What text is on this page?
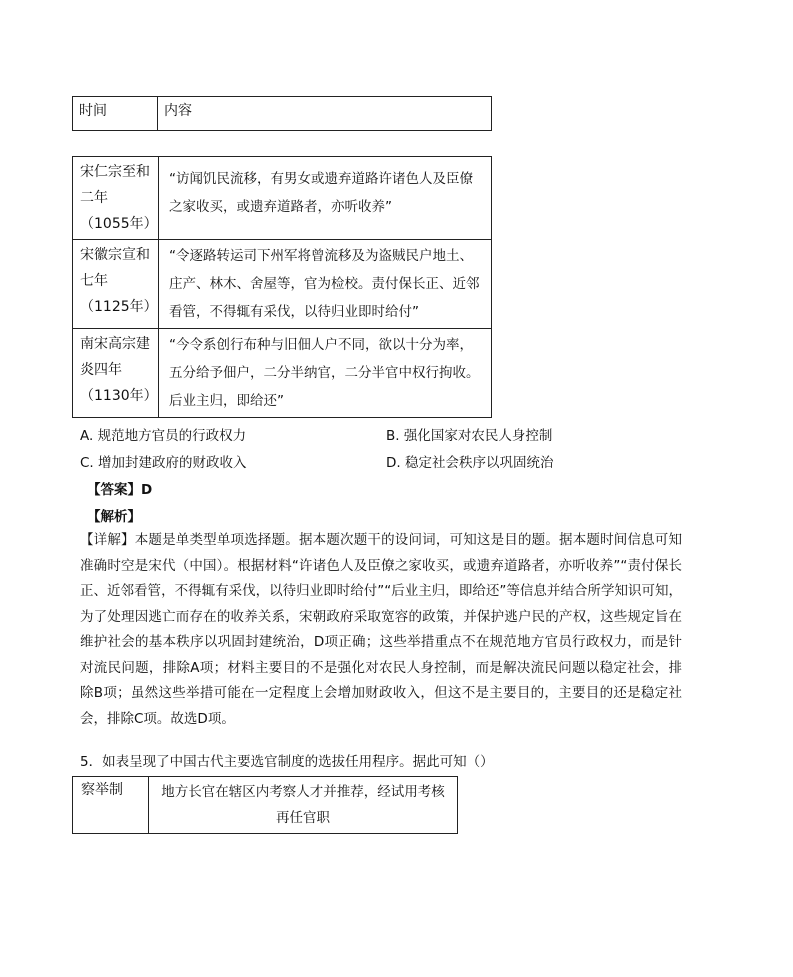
时间	内容
宋仁宗至和二年（1055年）	“访闻饥民流移，有男女或遗弃道路许诸色人及臣僚之家收买，或遗弃道路者，亦听收养”
宋徽宗宣和七年（1125年）	“令逐路转运司下州军将曾流移及为盗贼民户地土、庄产、林木、舍屋等，官为检校。责付保长正、近邻看管，不得辄有采伐，以待归业即时给付”
南宋高宗建炎四年（1130年）	“今令系创行布种与旧佃人户不同，欲以十分为率，五分给予佃户，二分半纳官，二分半官中权行拘收。后业主归，即给还”
A. 规范地方官员的行政权力	B. 强化国家对农民人身控制
C. 增加封建政府的财政收入	D. 稳定社会秩序以巩固统治
【答案】D
【解析】
【详解】本题是单类型单项选择题。据本题次题干的设问词，可知这是目的题。据本题时间信息可知准确时空是宋代（中国）。根据材料“许诸色人及臣僚之家收买，或遗弃道路者，亦听收养”“责付保长正、近邻看管，不得辄有采伐，以待归业即时给付”“后业主归，即给还”等信息并结合所学知识可知，为了处理因逃亡而存在的收养关系，宋朝政府采取宽容的政策，并保护逃户民的产权，这些规定旨在维护社会的基本秩序以巩固封建统治，D项正确；这些举措重点不在规范地方官员行政权力，而是针对流民问题，排除A项；材料主要目的不是强化对农民人身控制，而是解决流民问题以稳定社会，排除B项；虽然这些举措可能在一定程度上会增加财政收入，但这不是主要目的，主要目的还是稳定社会，排除C项。故选D项。
5．如表呈现了中国古代主要选官制度的选拔任用程序。据此可知（）
察举制	地方长官在辖区内考察人才并推荐，经试用考核再任官职
